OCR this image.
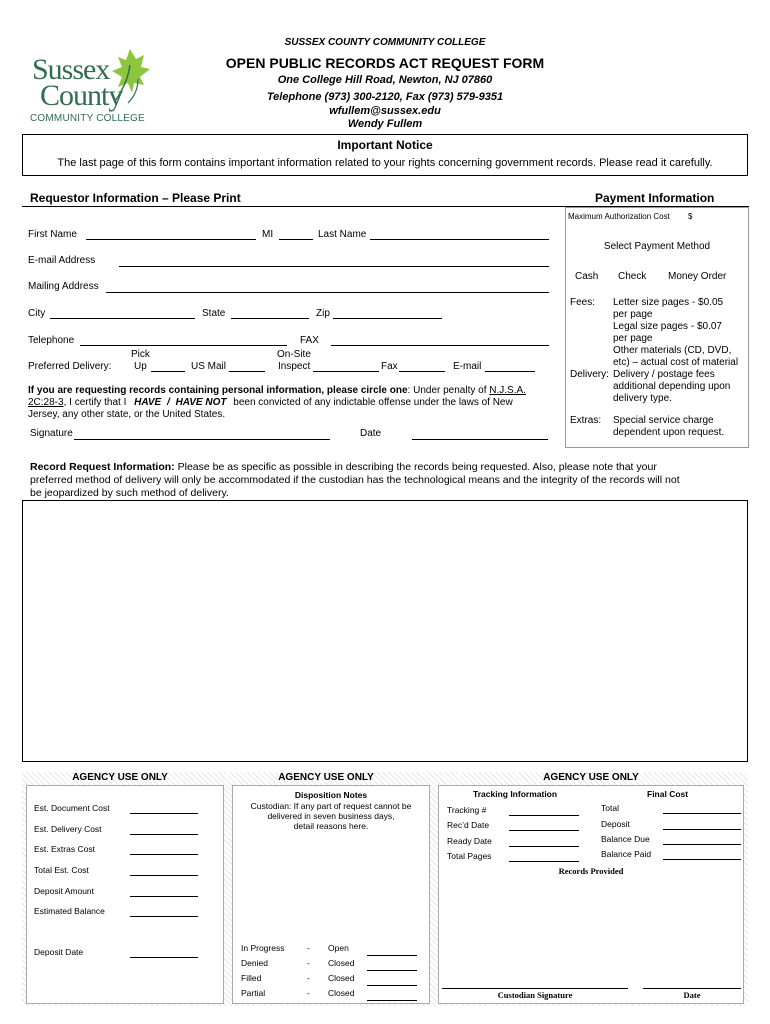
Sussex
County
COMMUNITY COLLEGE
SUSSEX COUNTY COMMUNITY COLLEGE
OPEN PUBLIC RECORDS ACT REQUEST FORM
One College Hill Road, Newton, NJ 07860
Telephone (973) 300-2120, Fax (973) 579-9351
wfullem@sussex.edu
Wendy Fullem
Important Notice
The last page of this form contains important information related to your rights concerning government records. Please read it carefully.
Requestor Information – Please Print	Payment Information
First Name	MI	Last Name
E-mail Address
Mailing Address
City	State	Zip
Telephone	FAX
Pick	On-Site
Preferred Delivery: Up	US Mail	Inspect	Fax	E-mail
If you are requesting records containing personal information, please circle one: Under penalty of N.J.S.A.
2C:28-3, I certify that I HAVE / HAVE NOT been convicted of any indictable offense under the laws of New
Jersey, any other state, or the United States.
Signature	Date
Maximum Authorization Cost $
Select Payment Method
Cash Check Money Order
Fees: Letter size pages - $0.05
per page
Legal size pages - $0.07
per page
Other materials (CD, DVD,
etc) – actual cost of material
Delivery: Delivery / postage fees
additional depending upon
delivery type.
Extras: Special service charge
dependent upon request.
Record Request Information: Please be as specific as possible in describing the records being requested. Also, please note that your
preferred method of delivery will only be accommodated if the custodian has the technological means and the integrity of the records will not
be jeopardized by such method of delivery.
AGENCY USE ONLY	AGENCY USE ONLY	AGENCY USE ONLY
Est. Document Cost
Est. Delivery Cost
Est. Extras Cost
Total Est. Cost
Deposit Amount
Estimated Balance
Deposit Date
Disposition Notes
Custodian: If any part of request cannot be
delivered in seven business days,
detail reasons here.
In Progress	- Open
Denied	- Closed
Filled	- Closed
Partial	- Closed
Tracking Information	Final Cost
Tracking #
Rec’d Date
Ready Date
Total Pages
Total
Deposit
Balance Due
Balance Paid
Records Provided
Custodian Signature	Date
